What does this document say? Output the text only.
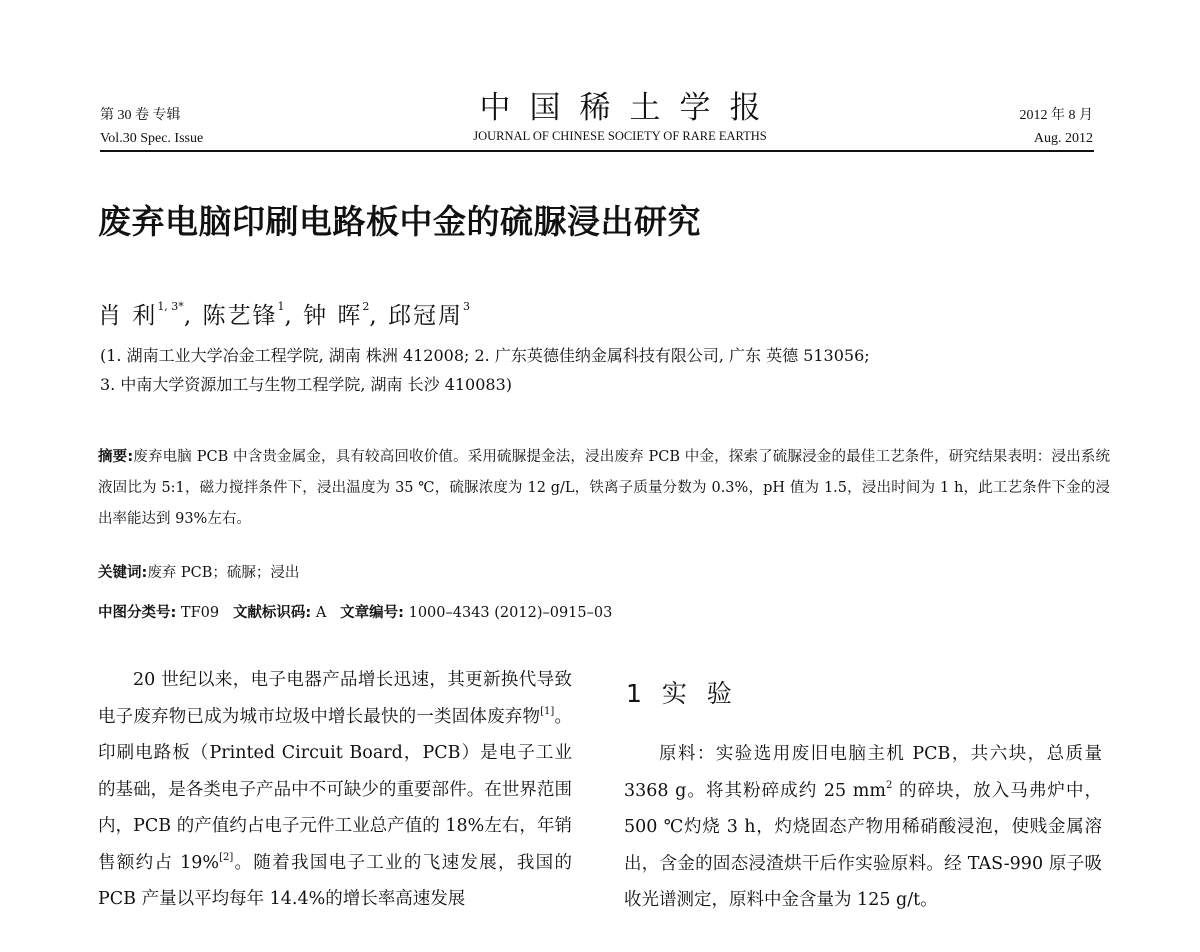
第 30 卷 专辑
Vol.30 Spec. Issue
中国稀土学报
JOURNAL OF CHINESE SOCIETY OF RARE EARTHS
2012 年 8 月
Aug. 2012
废弃电脑印刷电路板中金的硫脲浸出研究
肖 利$^{1, 3*}$, 陈艺锋$^1$, 钟 晖$^2$, 邱冠周$^3$
(1. 湖南工业大学冶金工程学院, 湖南 株洲 412008; 2. 广东英德佳纳金属科技有限公司, 广东 英德 513056;
3. 中南大学资源加工与生物工程学院, 湖南 长沙 410083)
摘要:废弃电脑 PCB 中含贵金属金，具有较高回收价值。采用硫脲提金法，浸出废弃 PCB 中金，探索了硫脲浸金的最佳工艺条件，研究结果表明：浸出系统液固比为 5:1，磁力搅拌条件下，浸出温度为 35 ℃，硫脲浓度为 12 g/L，铁离子质量分数为 0.3%，pH 值为 1.5，浸出时间为 1 h，此工艺条件下金的浸出率能达到 93%左右。
关键词:废弃 PCB；硫脲；浸出
中图分类号: TF09 文献标识码: A 文章编号: 1000–4343 (2012)–0915–03

20 世纪以来，电子电器产品增长迅速，其更新换代导致电子废弃物已成为城市垃圾中增长最快的一类固体废弃物[1]。印刷电路板（Printed Circuit Board，PCB）是电子工业的基础，是各类电子产品中不可缺少的重要部件。在世界范围内，PCB 的产值约占电子元件工业总产值的 18%左右，年销售额约占 19%[2]。随着我国电子工业的飞速发展，我国的 PCB 产量以平均每年 14.4%的增长率高速发展

1 实 验

原料：实验选用废旧电脑主机 PCB，共六块，总质量 3368 g。将其粉碎成约 25 $mm^2$ 的碎块，放入马弗炉中， 500 ℃灼烧 3 h，灼烧固态产物用稀硝酸浸泡，使贱金属溶出，含金的固态浸渣烘干后作实验原料。经 TAS-990 原子吸收光谱测定，原料中金含量为 125 g/t。
